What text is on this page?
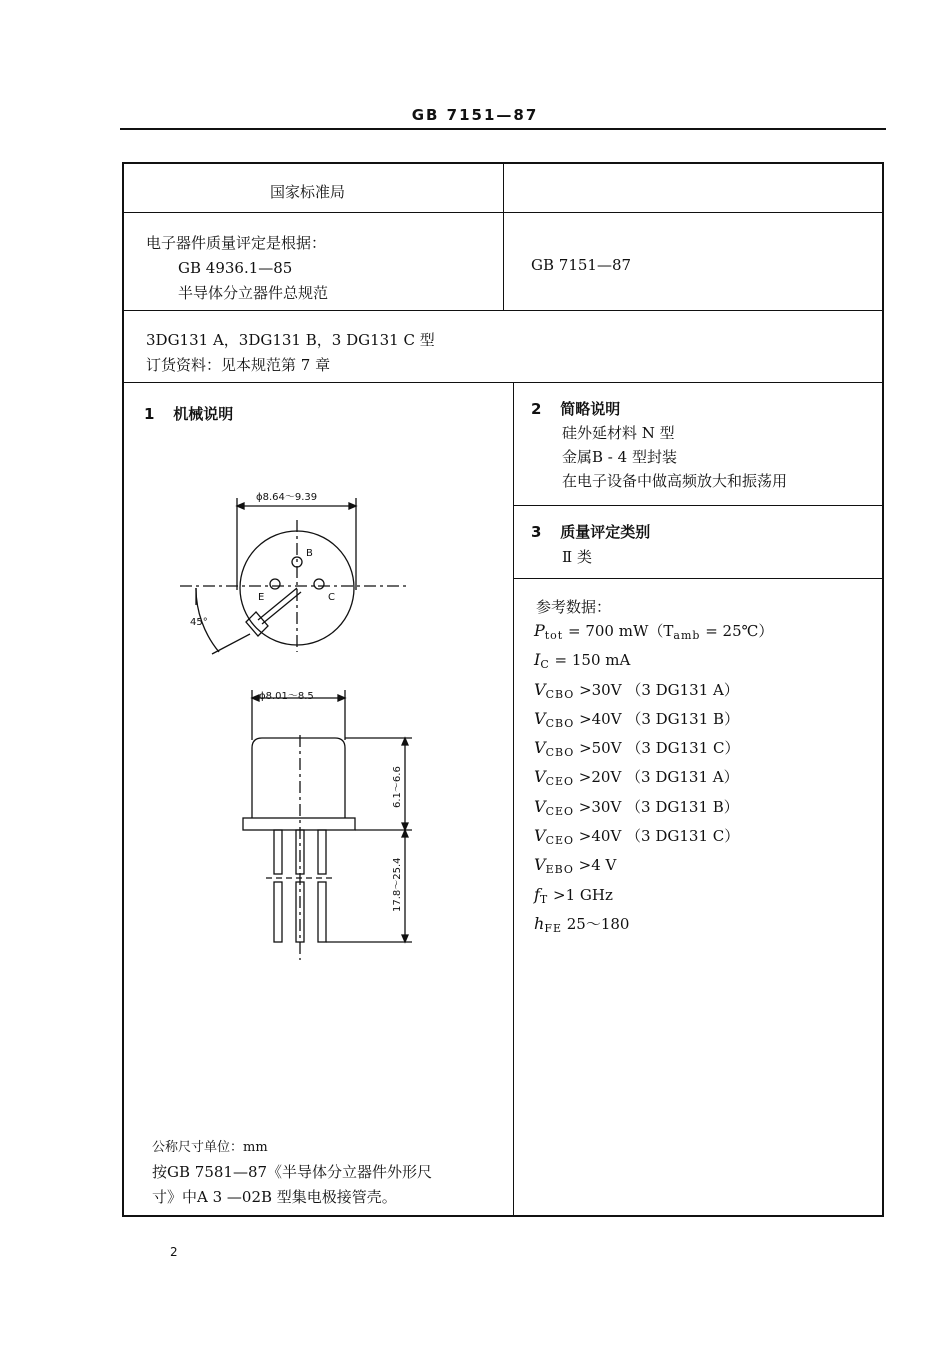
GB 7151—87
国家标准局
电子器件质量评定是根据：
GB 4936.1—85
半导体分立器件总规范
GB 7151—87
3DG131 A，3DG131 B，3 DG131 C 型
订货资料：见本规范第 7 章
1 机械说明
ϕ8.64～9.39
B
E	C
45°
ϕ8.01～8.5
6.1～6.6
17.8～25.4
公称尺寸单位：mm
按GB 7581—87《半导体分立器件外形尺
寸》中A 3 —02B 型集电极接管壳。
2 简略说明
硅外延材料 N 型
金属B - 4 型封装
在电子设备中做高频放大和振荡用
3 质量评定类别
Ⅱ 类
参考数据：
$P_{tot} = 700$ $mW(T_{amb}$ = 25℃）
$I_C = 150$ mA
$V_{CBO} >30V$ （3 DG131 A）
$V_{CBO} >40V$ （3 DG131 B）
$V_{CBO} >50V$ （3 DG131 C）
$V_{CEO} >20V$ （3 DG131 A）
$V_{CEO} >30V$ （3 DG131 B）
$V_{CEO} >40V$ （3 DG131 C）
$V_{EBO} >4$ V
$f_T >1$ GHz
$h_{FE}$ 25～180
2
